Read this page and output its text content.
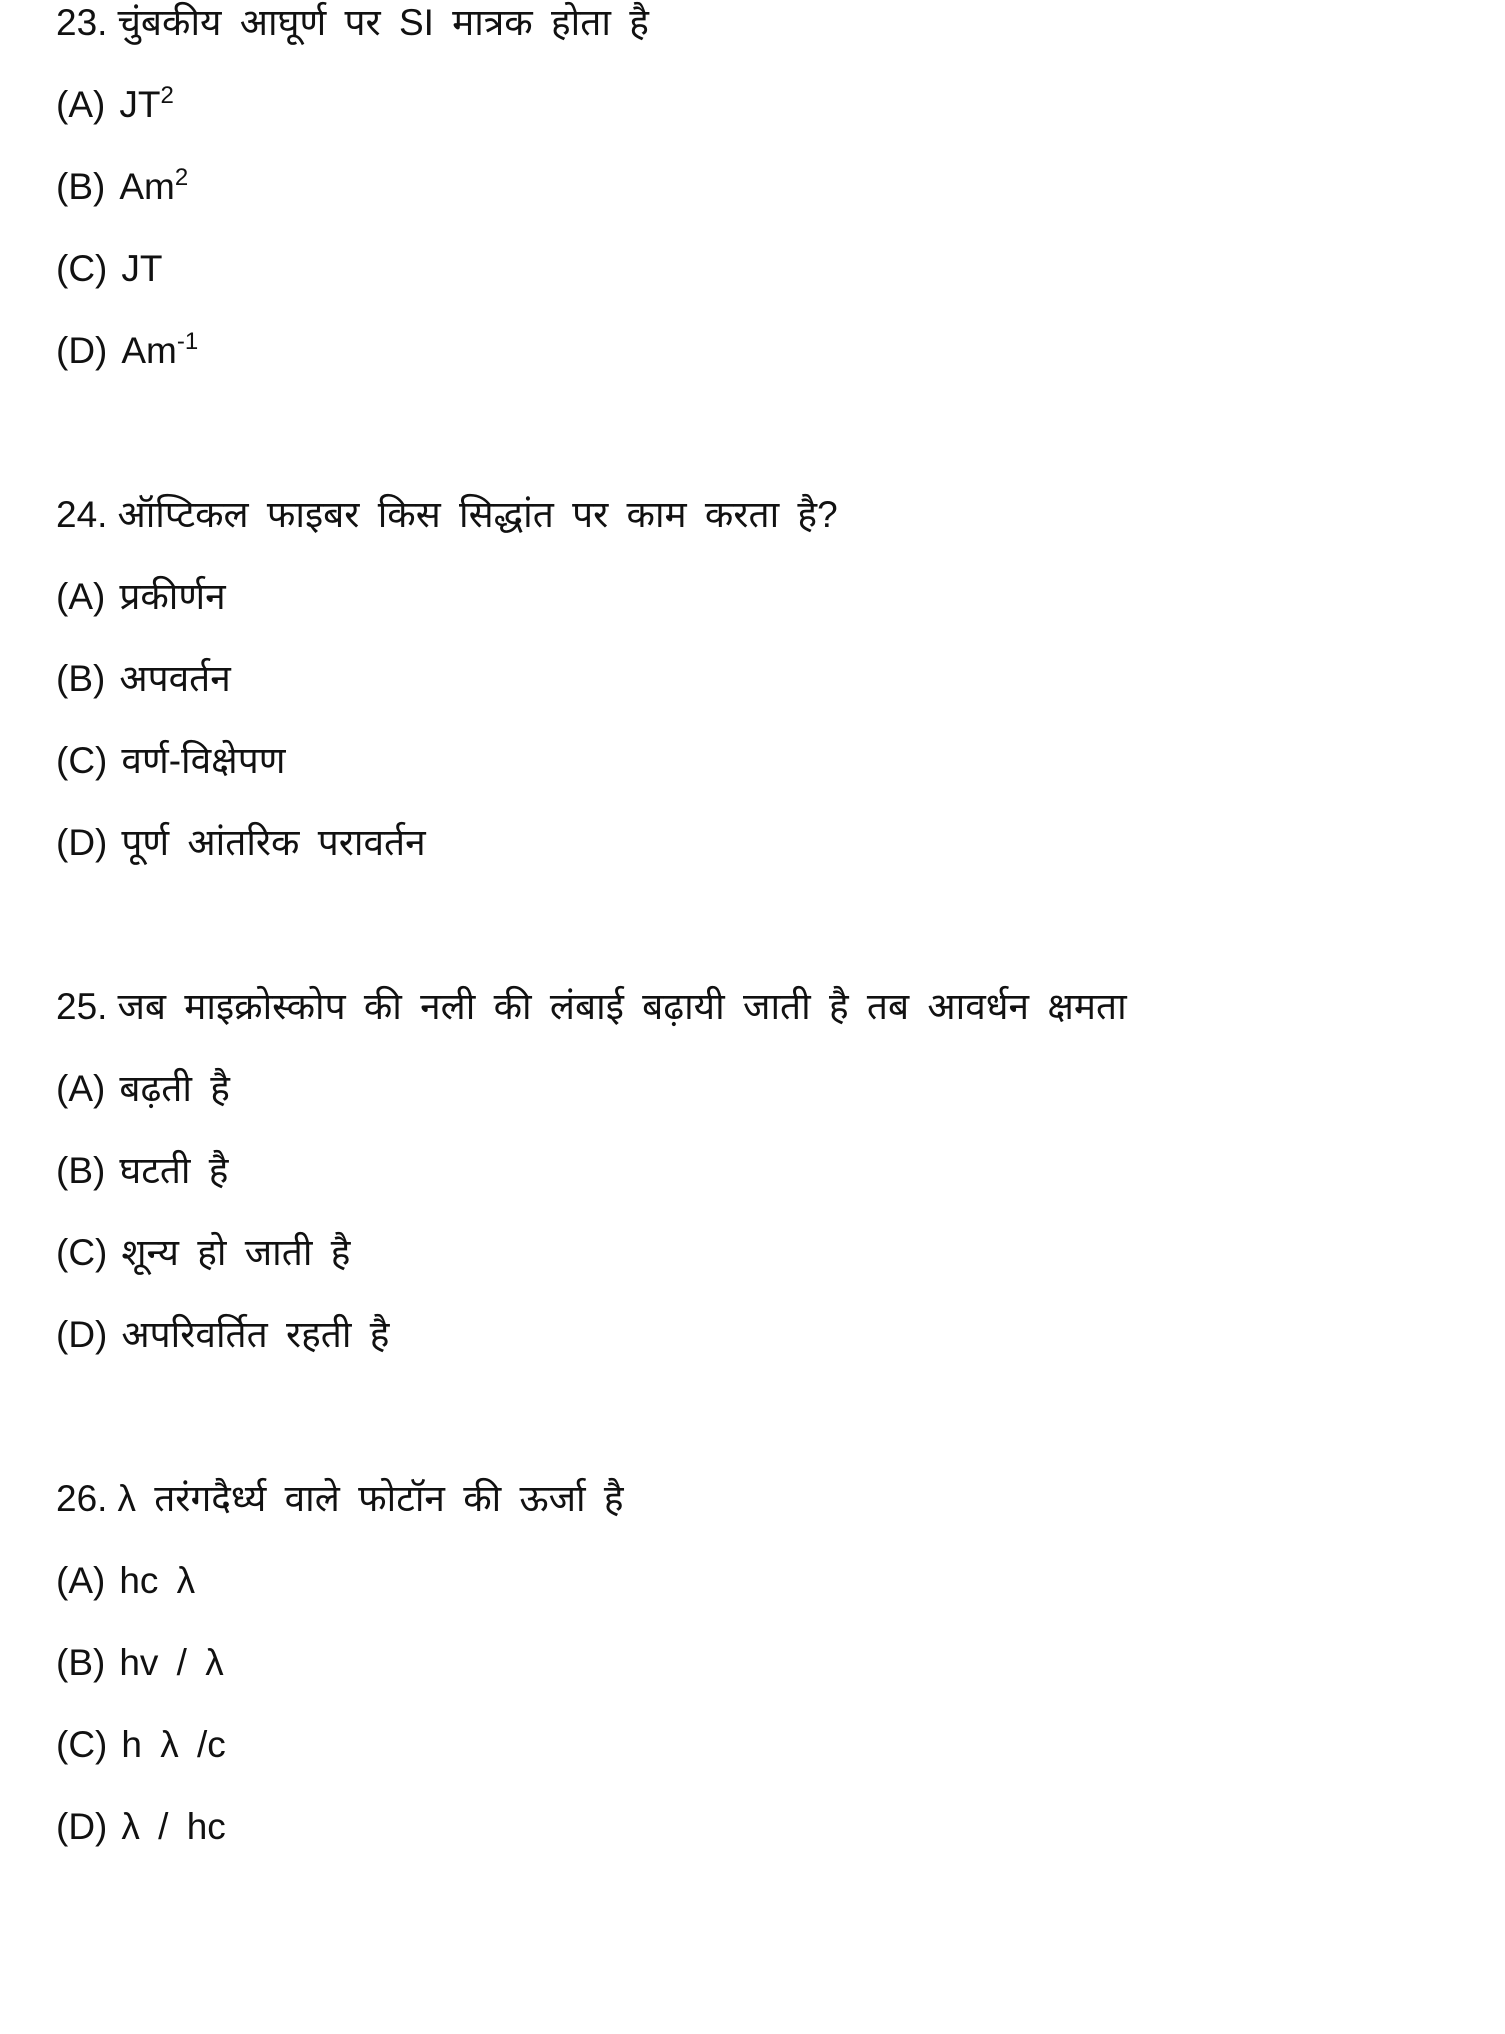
23. चुंबकीय आघूर्ण पर SI मात्रक होता है
(A) $JT^2$
(B) Am$^2$
(C) JT
(D) $Am^{-1}$
24. ऑप्टिकल फाइबर किस सिद्धांत पर काम करता है?
(A) प्रकीर्णन
(B) अपवर्तन
(C) वर्ण-विक्षेपण
(D) पूर्ण आंतरिक परावर्तन
25. जब माइक्रोस्कोप की नली की लंबाई बढ़ायी जाती है तब आवर्धन क्षमता
(A) बढ़ती है
(B) घटती है
(C) शून्य हो जाती है
(D) अपरिवर्तित रहती है
26. λ तरंगदैर्ध्य वाले फोटॉन की ऊर्जा है
(A) hc λ
(B) hv / λ
(C) h λ /c
(D) λ / hc
